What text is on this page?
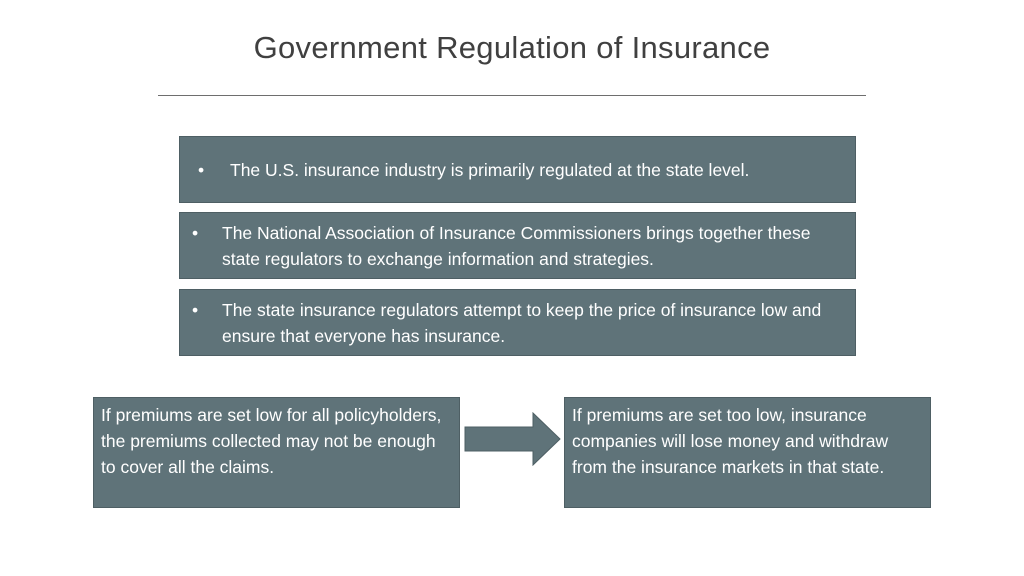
Government Regulation of Insurance
• The U.S. insurance industry is primarily regulated at the state level.
• The National Association of Insurance Commissioners brings together these state regulators to exchange information and strategies.
• The state insurance regulators attempt to keep the price of insurance low and ensure that everyone has insurance.
If premiums are set low for all policyholders, the premiums collected may not be enough to cover all the claims.
If premiums are set too low, insurance companies will lose money and withdraw from the insurance markets in that state.
